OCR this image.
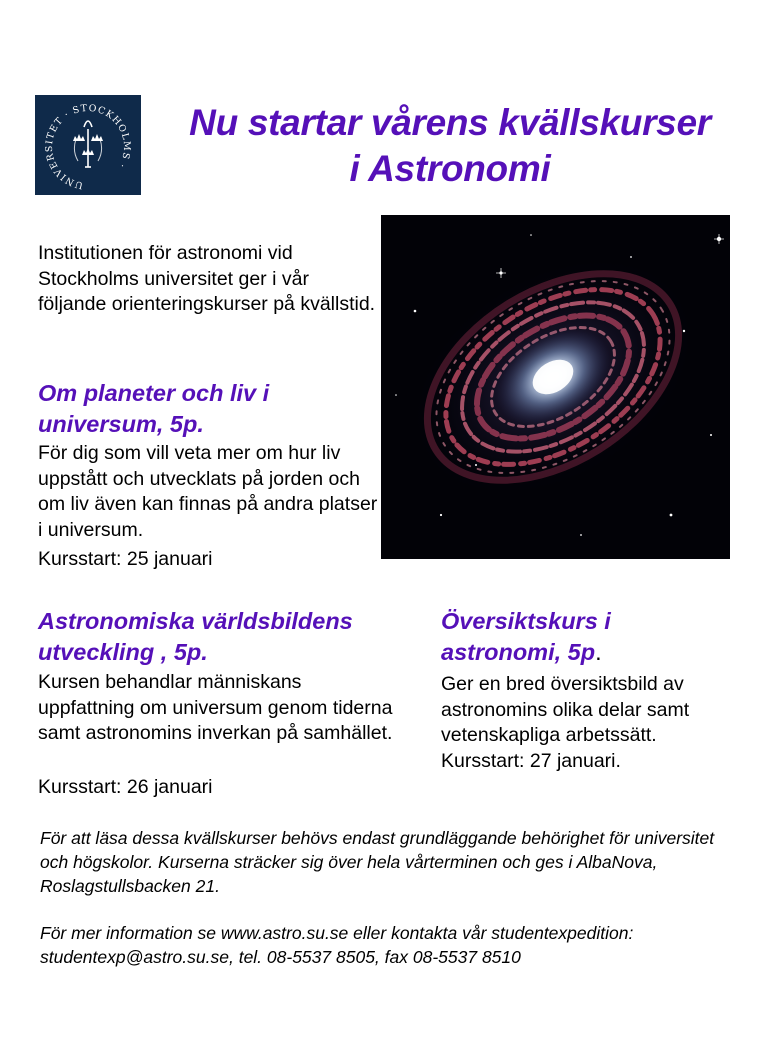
UNIVERSITET · STOCKHOLMS ·
Nu startar vårens kvällskurser
i Astronomi

Institutionen för astronomi vid Stockholms universitet ger i vår följande orienteringskurser på kvällstid.

Om planeter och liv i universum, 5p.

För dig som vill veta mer om hur liv uppstått och utvecklats på jorden och om liv även kan finnas på andra platser i universum.

Kursstart: 25 januari

Astronomiska världsbildens utveckling , 5p.

Kursen behandlar människans uppfattning om universum genom tiderna samt astronomins inverkan på samhället.

Kursstart: 26 januari

Översiktskurs i astronomi, 5p.

Ger en bred översiktsbild av astronomins olika delar samt vetenskapliga arbetssätt.

Kursstart: 27 januari.

För att läsa dessa kvällskurser behövs endast grundläggande behörighet för universitet och högskolor. Kurserna sträcker sig över hela vårterminen och ges i AlbaNova, Roslagstullsbacken 21.

För mer information se www.astro.su.se eller kontakta vår studentexpedition: studentexp@astro.su.se, tel. 08-5537 8505, fax 08-5537 8510
